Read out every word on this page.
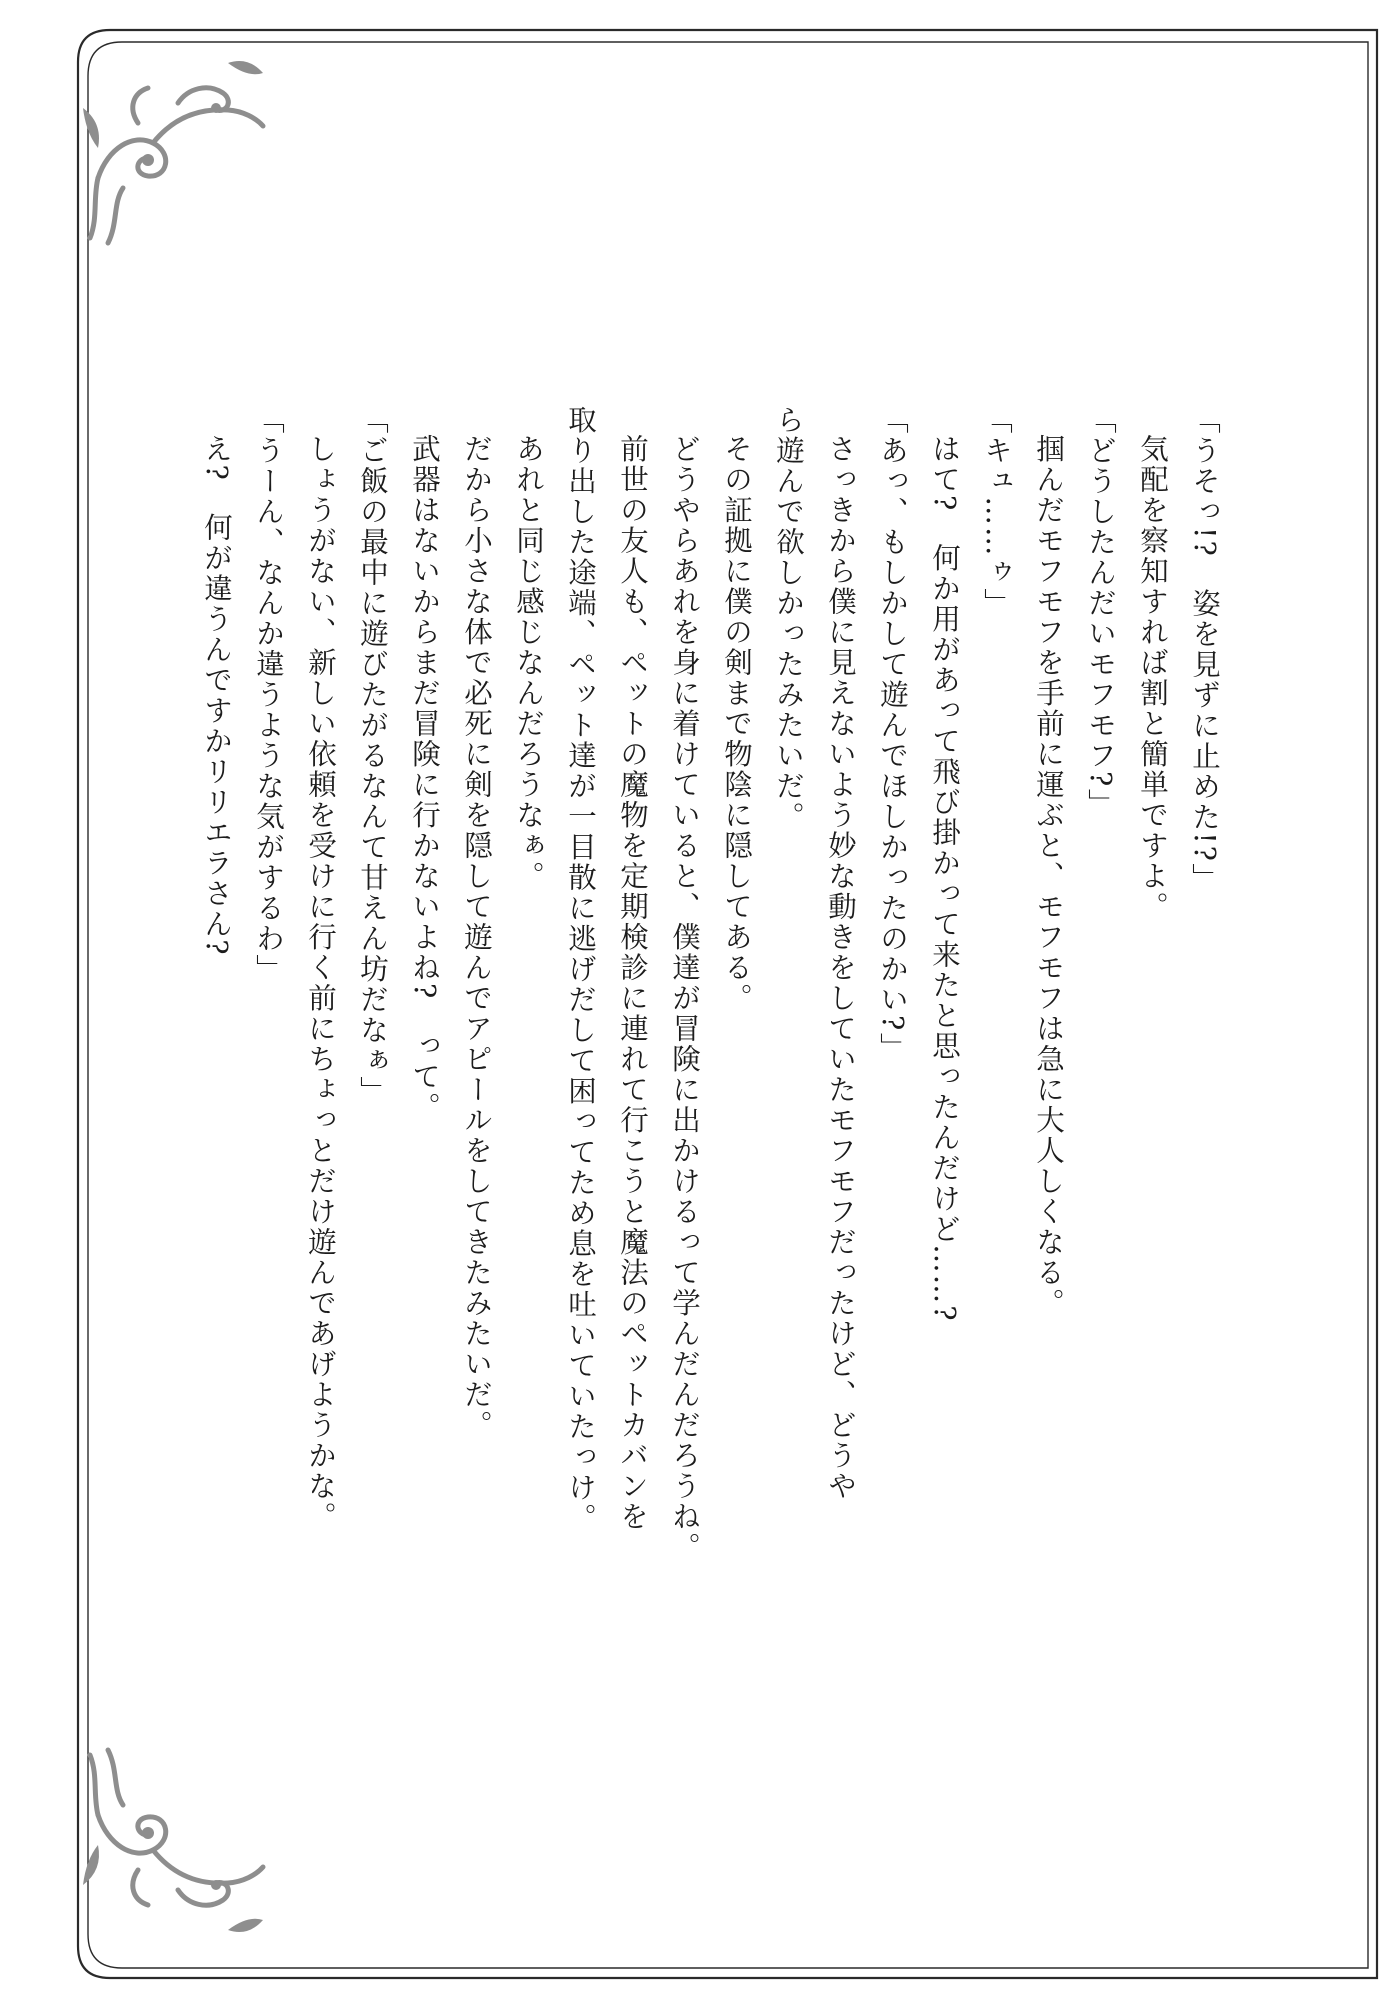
「うそっ!?　姿を見ずに止めた!?」
気配を察知すれば割と簡単ですよ。
「どうしたんだいモフモフ?」
掴んだモフモフを手前に運ぶと、モフモフは急に大人しくなる。
「キュ……ゥ」
はて?　何か用があって飛び掛かって来たと思ったんだけど……?
「あっ、もしかして遊んでほしかったのかい?」
さっきから僕に見えないよう妙な動きをしていたモフモフだったけど、どうや
ら遊んで欲しかったみたいだ。
その証拠に僕の剣まで物陰に隠してある。
どうやらあれを身に着けていると、僕達が冒険に出かけるって学んだんだろうね。
前世の友人も、ペットの魔物を定期検診に連れて行こうと魔法のペットカバンを
取り出した途端、ペット達が一目散に逃げだして困ってため息を吐いていたっけ。
あれと同じ感じなんだろうなぁ。
だから小さな体で必死に剣を隠して遊んでアピールをしてきたみたいだ。
武器はないからまだ冒険に行かないよね?　って。
「ご飯の最中に遊びたがるなんて甘えん坊だなぁ」
しょうがない、新しい依頼を受けに行く前にちょっとだけ遊んであげようかな。
「うーん、なんか違うような気がするわ」
え?　何が違うんですかリリエラさん?
